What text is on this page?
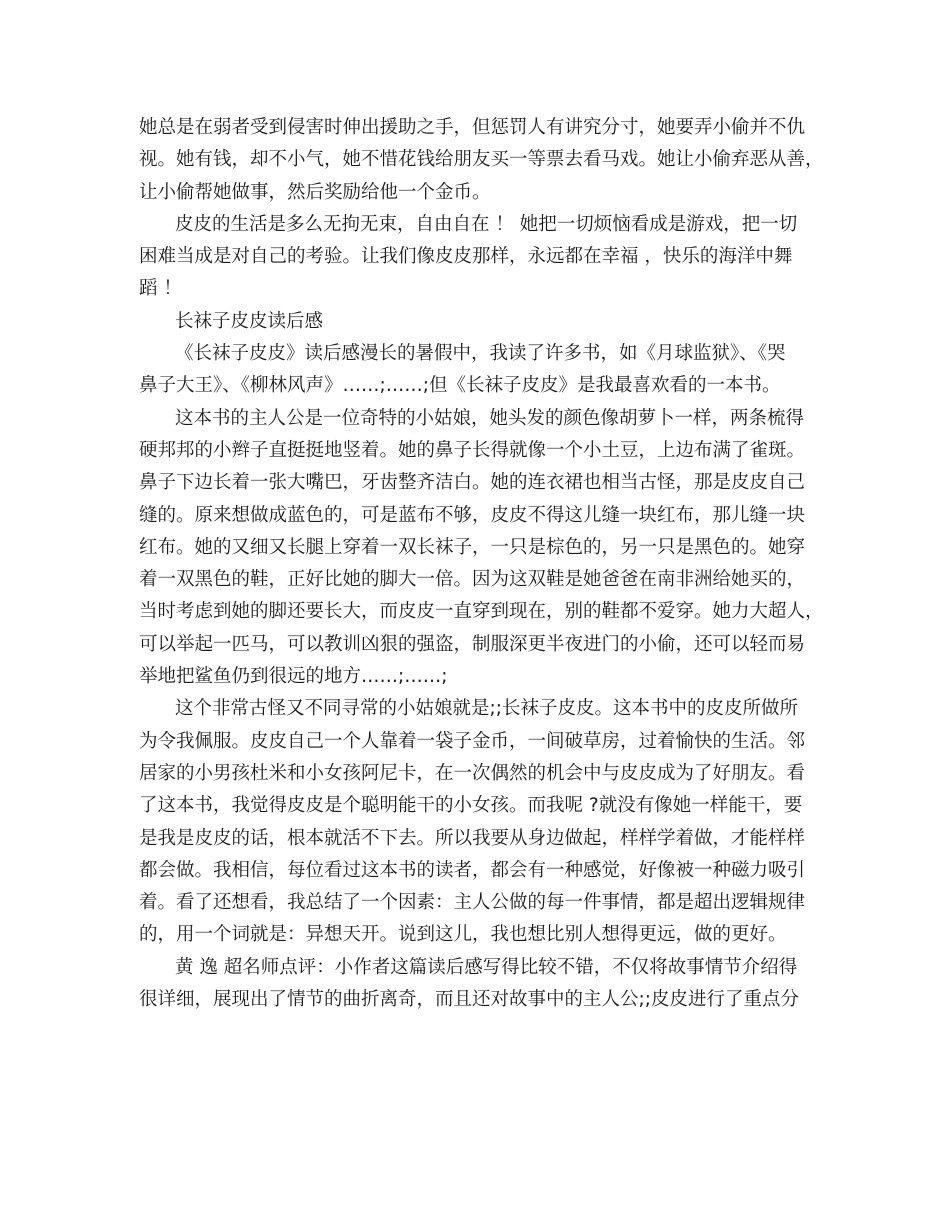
她总是在弱者受到侵害时伸出援助之手，但惩罚人有讲究分寸，她要弄小偷并不仇
视。她有钱，却不小气，她不惜花钱给朋友买一等票去看马戏。她让小偷弃恶从善，
让小偷帮她做事，然后奖励给他一个金币。
皮皮的生活是多么无拘无束，自由自在 ！ 她把一切烦恼看成是游戏，把一切
困难当成是对自己的考验。让我们像皮皮那样，永远都在幸福 ，快乐的海洋中舞
蹈 ！
长袜子皮皮读后感
《长袜子皮皮》读后感漫长的暑假中，我读了许多书，如《月球监狱》、《哭
鼻子大王》、《柳林风声》……;……;但《长袜子皮皮》是我最喜欢看的一本书。
这本书的主人公是一位奇特的小姑娘，她头发的颜色像胡萝卜一样，两条梳得
硬邦邦的小辫子直挺挺地竖着。她的鼻子长得就像一个小土豆，上边布满了雀斑。
鼻子下边长着一张大嘴巴，牙齿整齐洁白。她的连衣裙也相当古怪，那是皮皮自己
缝的。原来想做成蓝色的，可是蓝布不够，皮皮不得这儿缝一块红布，那儿缝一块
红布。她的又细又长腿上穿着一双长袜子，一只是棕色的，另一只是黑色的。她穿
着一双黑色的鞋，正好比她的脚大一倍。因为这双鞋是她爸爸在南非洲给她买的，
当时考虑到她的脚还要长大，而皮皮一直穿到现在，别的鞋都不爱穿。她力大超人，
可以举起一匹马，可以教训凶狠的强盗，制服深更半夜进门的小偷，还可以轻而易
举地把鲨鱼仍到很远的地方……;……;
这个非常古怪又不同寻常的小姑娘就是;;长袜子皮皮。这本书中的皮皮所做所
为令我佩服。皮皮自己一个人靠着一袋子金币，一间破草房，过着愉快的生活。邻
居家的小男孩杜米和小女孩阿尼卡，在一次偶然的机会中与皮皮成为了好朋友。看
了这本书，我觉得皮皮是个聪明能干的小女孩。而我呢 ?就没有像她一样能干，要
是我是皮皮的话，根本就活不下去。所以我要从身边做起，样样学着做，才能样样
都会做。我相信，每位看过这本书的读者，都会有一种感觉，好像被一种磁力吸引
着。看了还想看，我总结了一个因素：主人公做的每一件事情，都是超出逻辑规律
的，用一个词就是：异想天开。说到这儿，我也想比别人想得更远，做的更好。
黄 逸 超名师点评：小作者这篇读后感写得比较不错，不仅将故事情节介绍得
很详细，展现出了情节的曲折离奇，而且还对故事中的主人公;;皮皮进行了重点分
